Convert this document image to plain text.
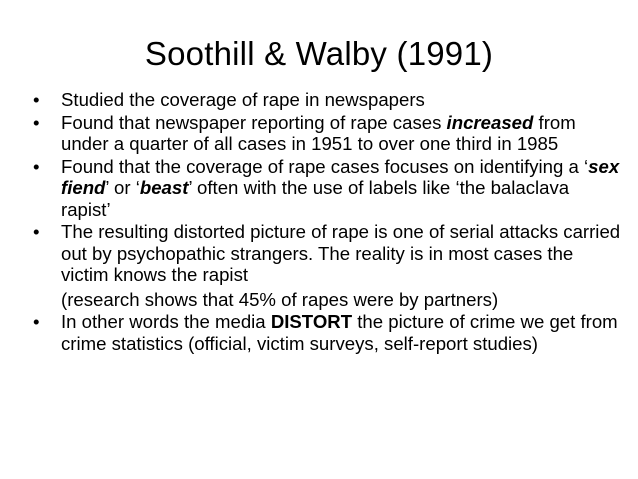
Soothill & Walby (1991)
•	Studied the coverage of rape in newspapers
•	Found that newspaper reporting of rape cases increased from under a quarter of all cases in 1951 to over one third in 1985
•	Found that the coverage of rape cases focuses on identifying a ‘sex fiend’ or ‘beast’ often with the use of labels like ‘the balaclava rapist’
•	The resulting distorted picture of rape is one of serial attacks carried out by psychopathic strangers. The reality is in most cases the victim knows the rapist
(research shows that 45% of rapes were by partners)
•	In other words the media DISTORT the picture of crime we get from crime statistics (official, victim surveys, self-report studies)
